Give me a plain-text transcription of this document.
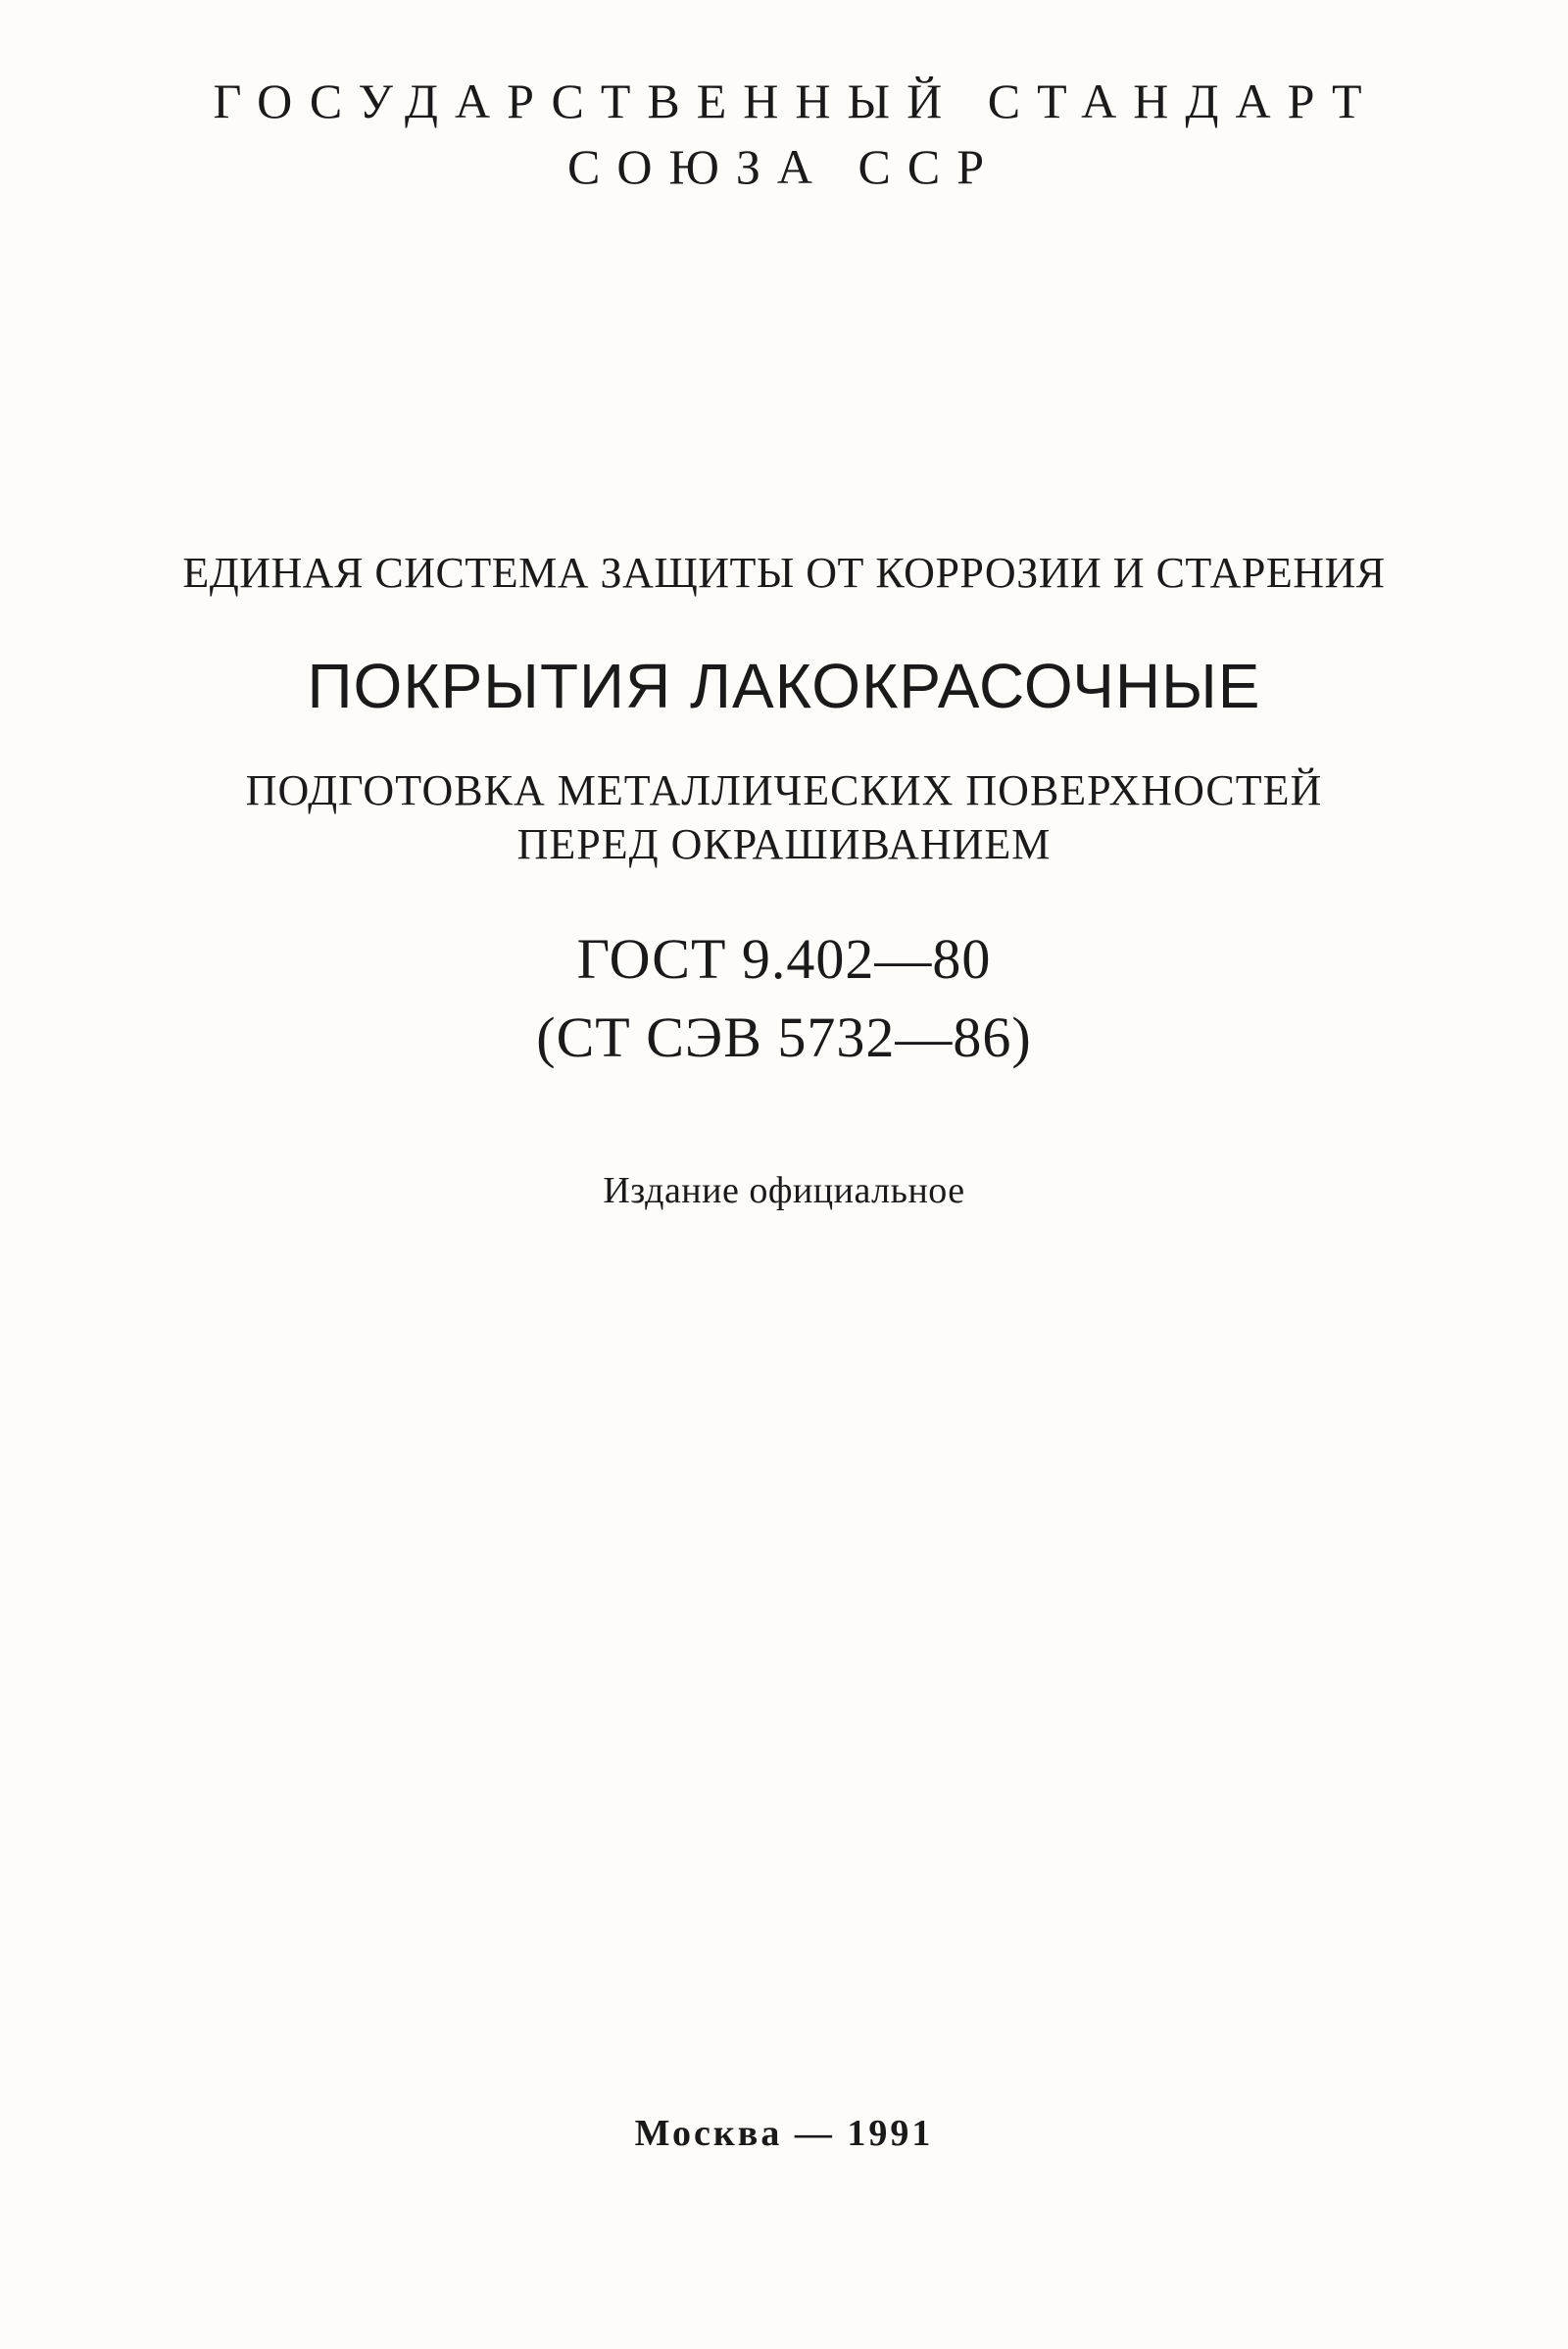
ГОСУДАРСТВЕННЫЙ СТАНДАРТ
СОЮЗА ССР
ЕДИНАЯ СИСТЕМА ЗАЩИТЫ ОТ КОРРОЗИИ И СТАРЕНИЯ
ПОКРЫТИЯ ЛАКОКРАСОЧНЫЕ
ПОДГОТОВКА МЕТАЛЛИЧЕСКИХ ПОВЕРХНОСТЕЙ
ПЕРЕД ОКРАШИВАНИЕМ
ГОСТ 9.402—80
(СТ СЭВ 5732—86)
Издание официальное
Москва — 1991
